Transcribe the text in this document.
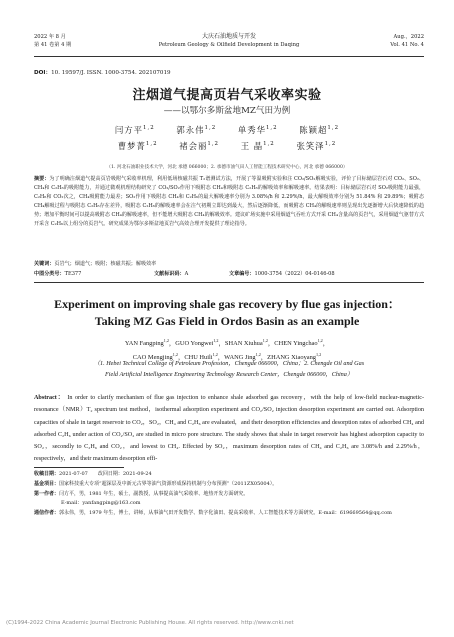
2022 年 8 月
第 41 卷第 4 期
大庆石油地质与开发
Petroleum Geology & Oilfield Development in Daqing
Aug.，2022
Vol. 41 No. 4
DOI：10. 19597/J. ISSN. 1000-3754. 202107019
注烟道气提高页岩气采收率实验
——以鄂尔多斯盆地MZ气田为例
闫方平$^{1,2}$	郭永伟$^{1,2}$	单秀华$^{1,2}$	陈颖超$^{1,2}$
曹梦菁$^{1,2}$	褚会丽$^{1,2}$	王 晶$^{1,2}$	张笑泽$^{1,2}$
（1. 河北石油职业技术大学，河北 承德 066000；2. 承德市油气田人工智能工程技术研究中心，河北 承德 066000）
摘要：为了明确注烟道气提高页岩吸附气采收率机理，利用低场核磁共振 T₂谱测试方法，开展了等温吸附实验和注 CO₂/SO₂解吸实验，评价了目标储层岩石对 CO₂、SO₂、CH₄和 C₂H₆的吸附能力，并通过微观机理结构研究了 CO₂/SO₂作用下吸附态 CH₄和吸附态 C₂H₆的解吸效率和解吸速率。结果表明：目标储层岩石对 SO₂吸附能力最强，C₂H₆和 CO₂次之，CH₄吸附能力最差；SO₂作用下吸附态 CH₄和 C₂H₆的最大解吸速率分别为 3.08%/h 和 2.29%/h，最大解吸效率分别为 51.84% 和 29.89%；吸附态 CH₄解吸过程与吸附态 C₂H₆存在差异，吸附态 C₂H₆的解吸速率会在注气初期立即达到最大，然后逐渐降低，而吸附态 CH₄的解吸速率则呈现出先逐渐增大后快速降低的趋势；增加平衡时间可以提高吸附态 CH₄的解吸速率，但不能增大吸附态 CH₄的解吸效率。建议矿场实施中采用烟道气吞吐方式开采 CH₄含量高的页岩气，采用烟道气驱替方式开采含 C₂H₆以上组分的页岩气。研究成果为鄂尔多斯盆地页岩气高效合理开发提供了理论指导。
关键词：页岩气；烟道气；吸附；核磁共振；解吸效率
中图分类号：TE377	文献标识码：A	文章编号：1000-3754（2022）04-0146-08
Experiment on improving shale gas recovery by flue gas injection：
Taking MZ Gas Field in Ordos Basin as an example
YAN Fangping$^{1,2}$，GUO Yongwei$^{1,2}$，SHAN Xiuhua$^{1,2}$，CHEN Yingchao$^{1,2}$，
CAO Mengjing$^{1,2}$，CHU Huili$^{1,2}$，WANG Jing$^{1,2}$，ZHANG Xiaoyang$^{1,2}$
（1. Hebei Technical College of Petroleum Profession，Chengde 066000，China；2. Chengde Oil and Gas
Field Artificial Intelligence Engineering Technology Research Center，Chengde 066000，China）
Abstract： In order to clarify mechanism of flue gas injection to enhance shale adsorbed gas recovery，with the help of low-field nuclear-magnetic-resonance（NMR）T₂ spectrum test method，isothermal adsorption experiment and CO₂/SO₂ injection desorption experiment are carried out. Adsorption capacities of shale in target reservoir to CO₂，SO₂，CH₄ and C₂H₆ are evaluated，and their desorption efficiencies and desorption rates of adsorbed CH₄ and adsorbed C₂H₆ under action of CO₂/SO₂ are studied in micro pore structure. The study shows that shale in target reservoir has highest adsorption capacity to SO₂，secondly to C₂H₆ and CO₂，and lowest to CH₄. Effected by SO₂，maximum desorption rates of CH₄ and C₂H₆ are 3.08%/h and 2.29%/h，respectively，and their maximum desorption effi-
收稿日期：2021-07-07　　改回日期：2021-09-24
基金项目：国家科技重大专项“超深层及中新元古界等油气资源形成保持机制与分布预测”（2011ZX05004）。
第一作者：闫方平，男，1981 年生，硕士，副教授，从事提高油气采收率、地热开发方面研究。
E-mail：yanfangping@163.com
通信作者：郭永伟，男，1979 年生，博士，讲师，从事油气田开发数学、数字化油田、提高采收率、人工智能技术等方面研究。E-mail：619669564@qq.com
(C)1994-2022 China Academic Journal Electronic Publishing House. All rights reserved. http://www.cnki.net
